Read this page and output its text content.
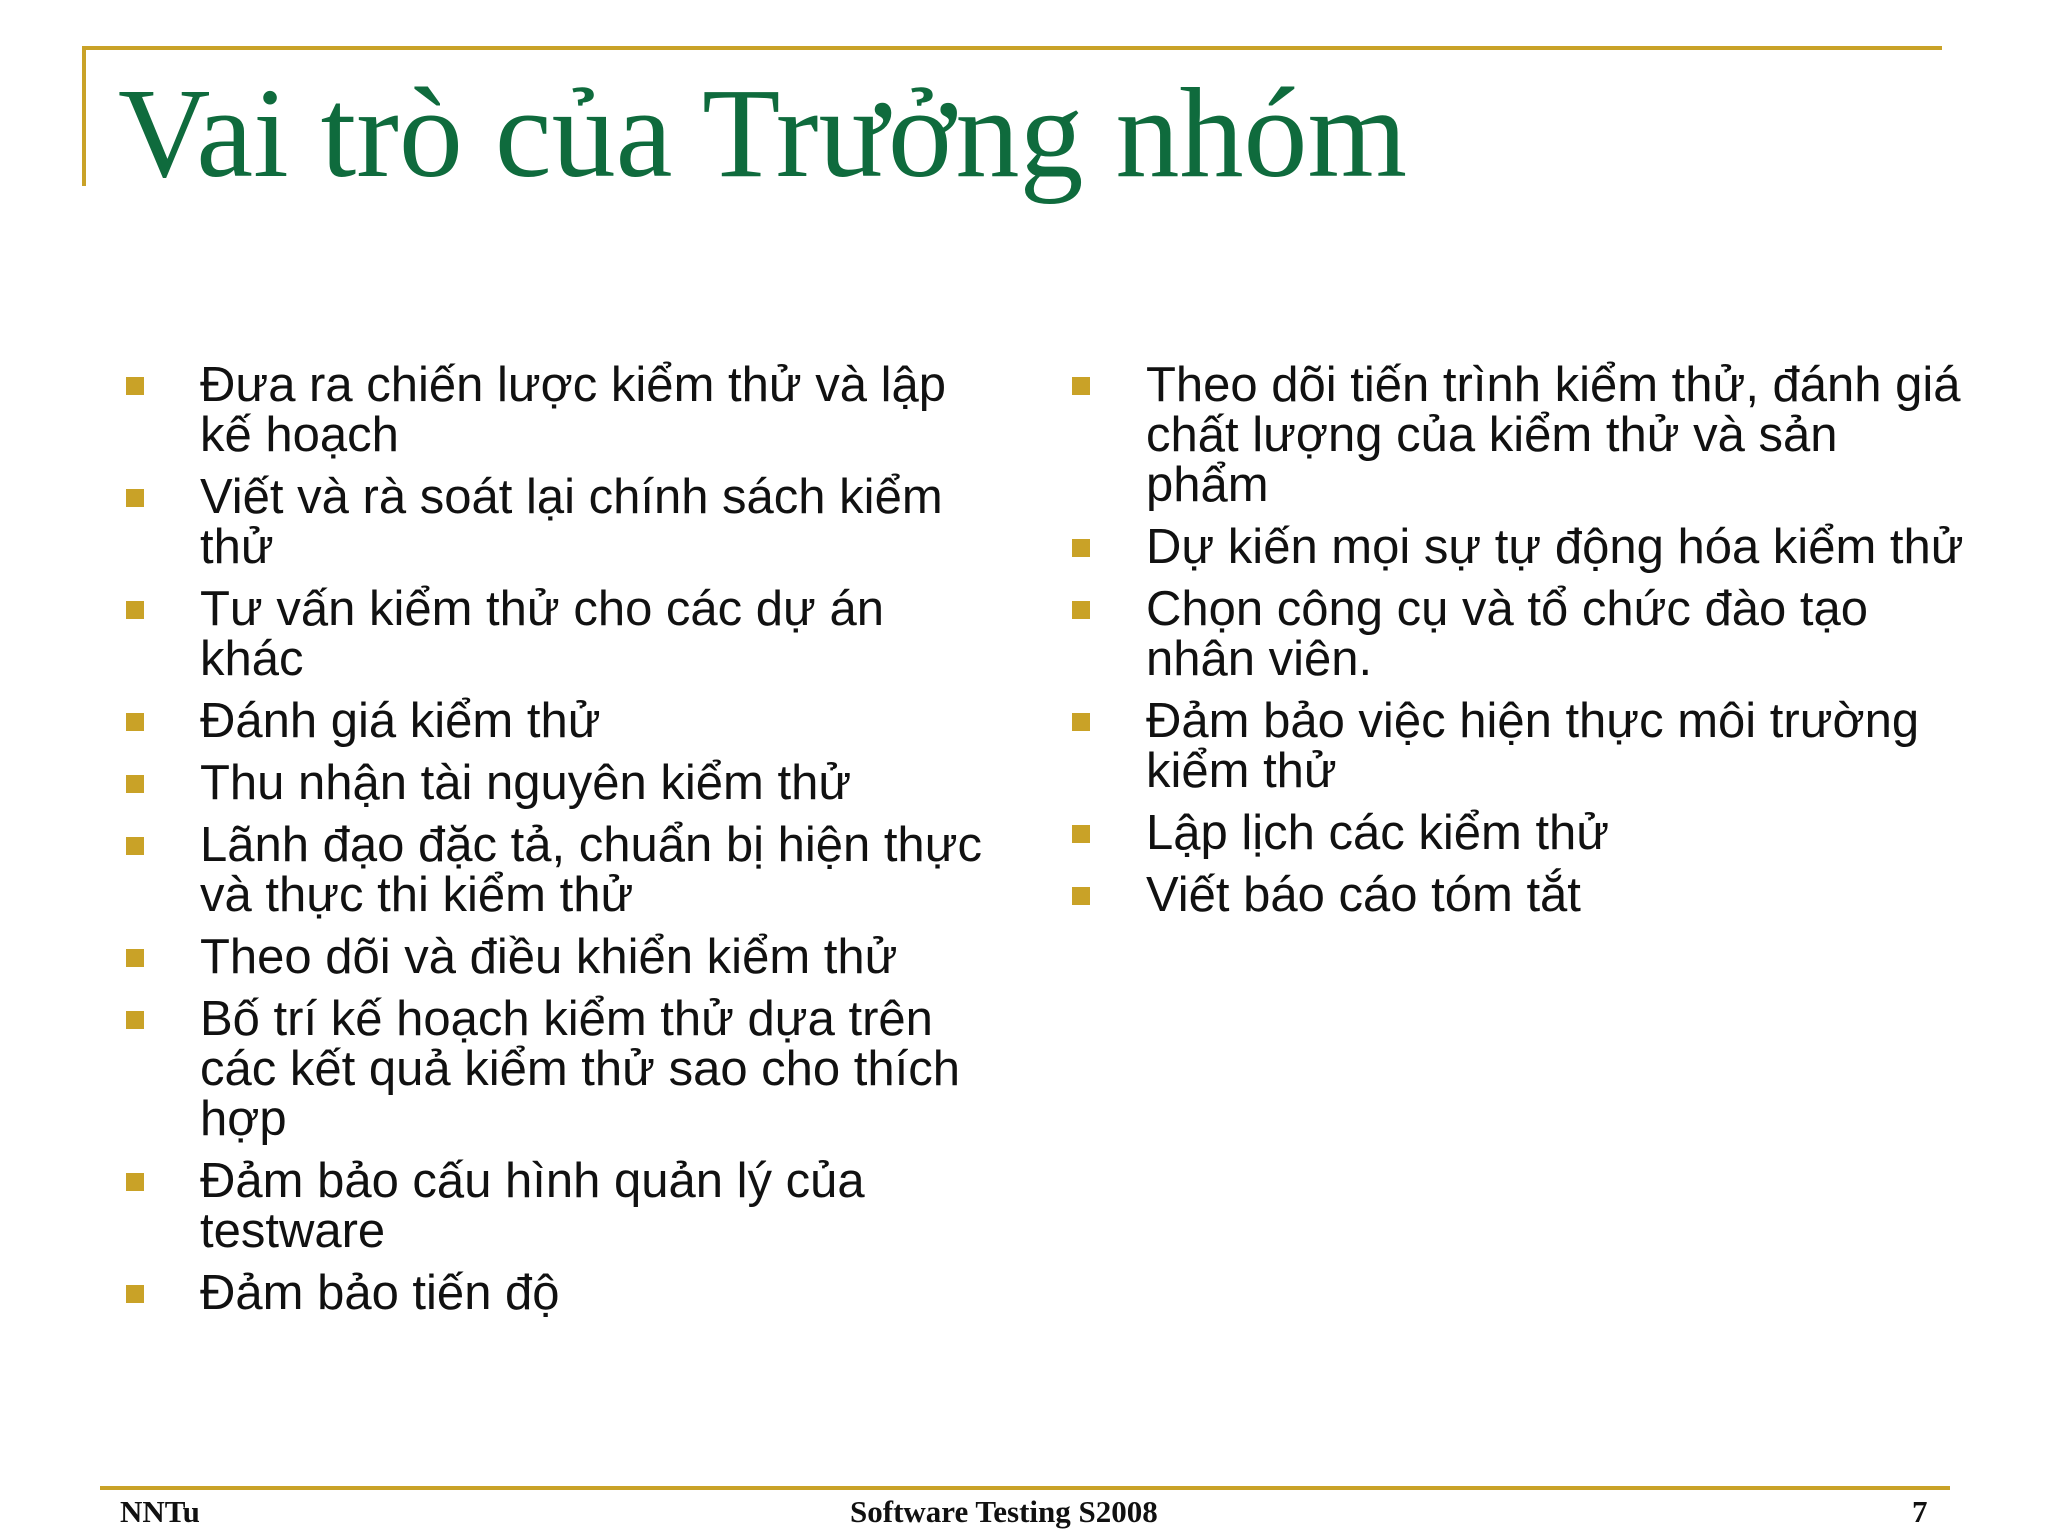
Vai trò của Trưởng nhóm
Đưa ra chiến lược kiểm thử và lập kế hoạch
Viết và rà soát lại chính sách kiểm thử
Tư vấn kiểm thử cho các dự án khác
Đánh giá kiểm thử
Thu nhận tài nguyên kiểm thử
Lãnh đạo đặc tả, chuẩn bị hiện thực và thực thi kiểm thử
Theo dõi và điều khiển kiểm thử
Bố trí kế hoạch kiểm thử dựa trên các kết quả kiểm thử sao cho thích hợp
Đảm bảo cấu hình quản lý của testware
Đảm bảo tiến độ
Theo dõi tiến trình kiểm thử, đánh giá chất lượng của kiểm thử và sản phẩm
Dự kiến mọi sự tự động hóa kiểm thử
Chọn công cụ và tổ chức đào tạo nhân viên.
Đảm bảo việc hiện thực môi trường kiểm thử
Lập lịch các kiểm thử
Viết báo cáo tóm tắt
NNTu	Software Testing S2008	7
